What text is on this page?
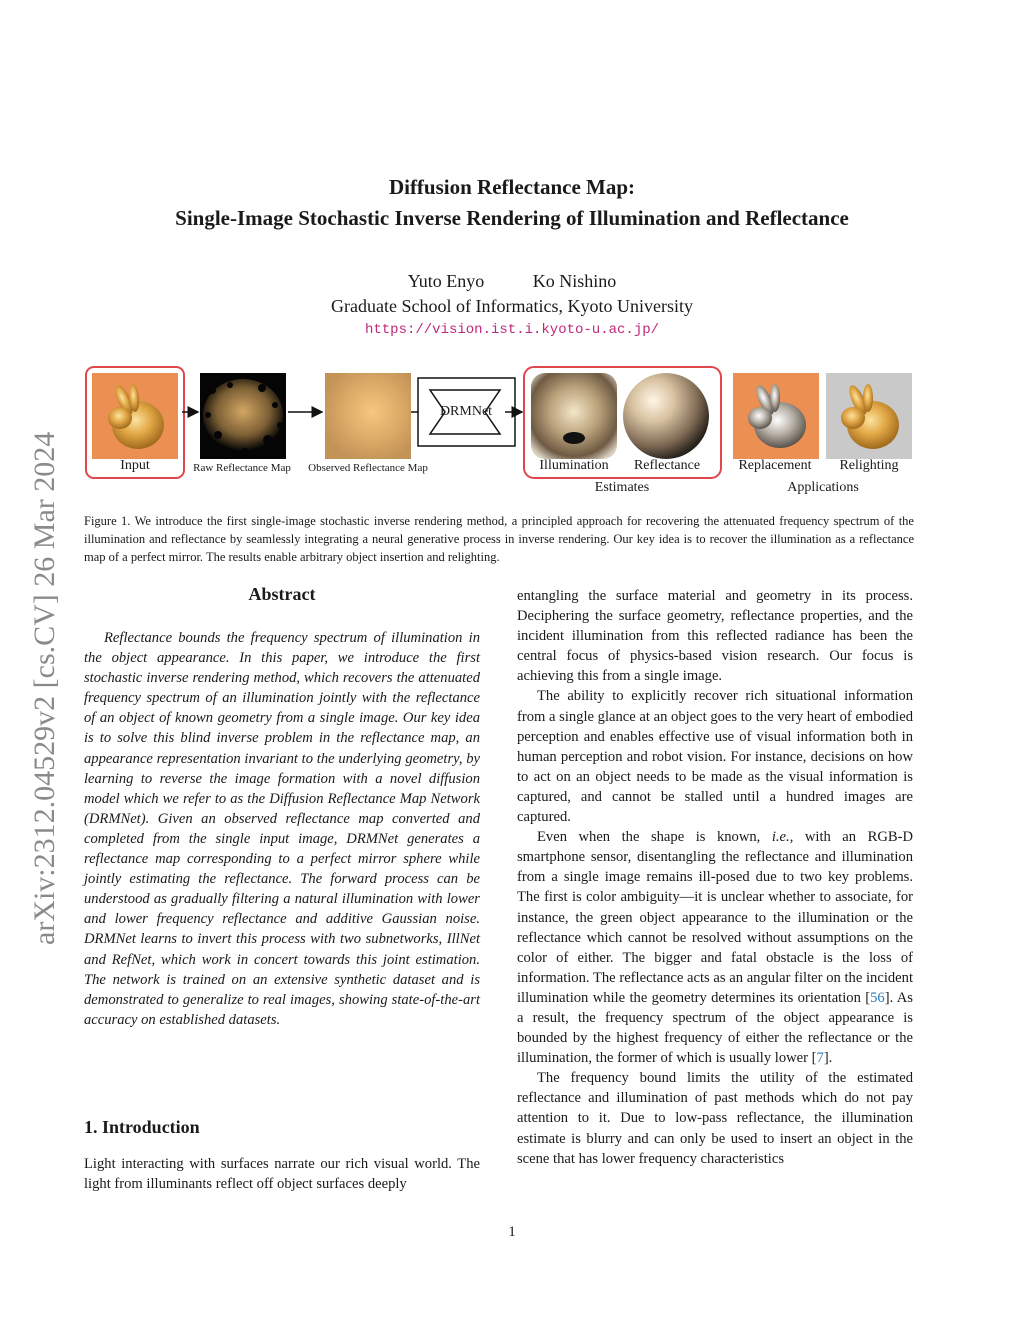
Diffusion Reflectance Map:
Single-Image Stochastic Inverse Rendering of Illumination and Reflectance
Yuto Enyo	Ko Nishino
Graduate School of Informatics, Kyoto University
https://vision.ist.i.kyoto-u.ac.jp/
arXiv:2312.04529v2 [cs.CV] 26 Mar 2024	Input	Raw Reflectance Map	Observed Reflectance Map
DRMNet
Illumination	Reflectance
Estimates
Replacement	Relighting
Applications
Figure 1. We introduce the first single-image stochastic inverse rendering method, a principled approach for recovering the attenuated frequency spectrum of the illumination and reflectance by seamlessly integrating a neural generative process in inverse rendering. Our key idea is to recover the illumination as a reflectance map of a perfect mirror. The results enable arbitrary object insertion and relighting.
Abstract
Reflectance bounds the frequency spectrum of illumination in the object appearance. In this paper, we introduce the first stochastic inverse rendering method, which recovers the attenuated frequency spectrum of an illumination jointly with the reflectance of an object of known geometry from a single image. Our key idea is to solve this blind inverse problem in the reflectance map, an appearance representation invariant to the underlying geometry, by learning to reverse the image formation with a novel diffusion model which we refer to as the Diffusion Reflectance Map Network (DRMNet). Given an observed reflectance map converted and completed from the single input image, DRMNet generates a reflectance map corresponding to a perfect mirror sphere while jointly estimating the reflectance. The forward process can be understood as gradually filtering a natural illumination with lower and lower frequency reflectance and additive Gaussian noise. DRMNet learns to invert this process with two subnetworks, IllNet and RefNet, which work in concert towards this joint estimation. The network is trained on an extensive synthetic dataset and is demonstrated to generalize to real images, showing state-of-the-art accuracy on established datasets.
1. Introduction
Light interacting with surfaces narrate our rich visual world. The light from illuminants reflect off object surfaces deeply

entangling the surface material and geometry in its process. Deciphering the surface geometry, reflectance properties, and the incident illumination from this reflected radiance has been the central focus of physics-based vision research. Our focus is achieving this from a single image.

The ability to explicitly recover rich situational information from a single glance at an object goes to the very heart of embodied perception and enables effective use of visual information both in human perception and robot vision. For instance, decisions on how to act on an object needs to be made as the visual information is captured, and cannot be stalled until a hundred images are captured.

Even when the shape is known, i.e., with an RGB-D smartphone sensor, disentangling the reflectance and illumination from a single image remains ill-posed due to two key problems. The first is color ambiguity—it is unclear whether to associate, for instance, the green object appearance to the illumination or the reflectance which cannot be resolved without assumptions on the color of either. The bigger and fatal obstacle is the loss of information. The reflectance acts as an angular filter on the incident illumination while the geometry determines its orientation [56]. As a result, the frequency spectrum of the object appearance is bounded by the highest frequency of either the reflectance or the illumination, the former of which is usually lower [7].

The frequency bound limits the utility of the estimated reflectance and illumination of past methods which do not pay attention to it. Due to low-pass reflectance, the illumination estimate is blurry and can only be used to insert an object in the scene that has lower frequency characteristics

1
